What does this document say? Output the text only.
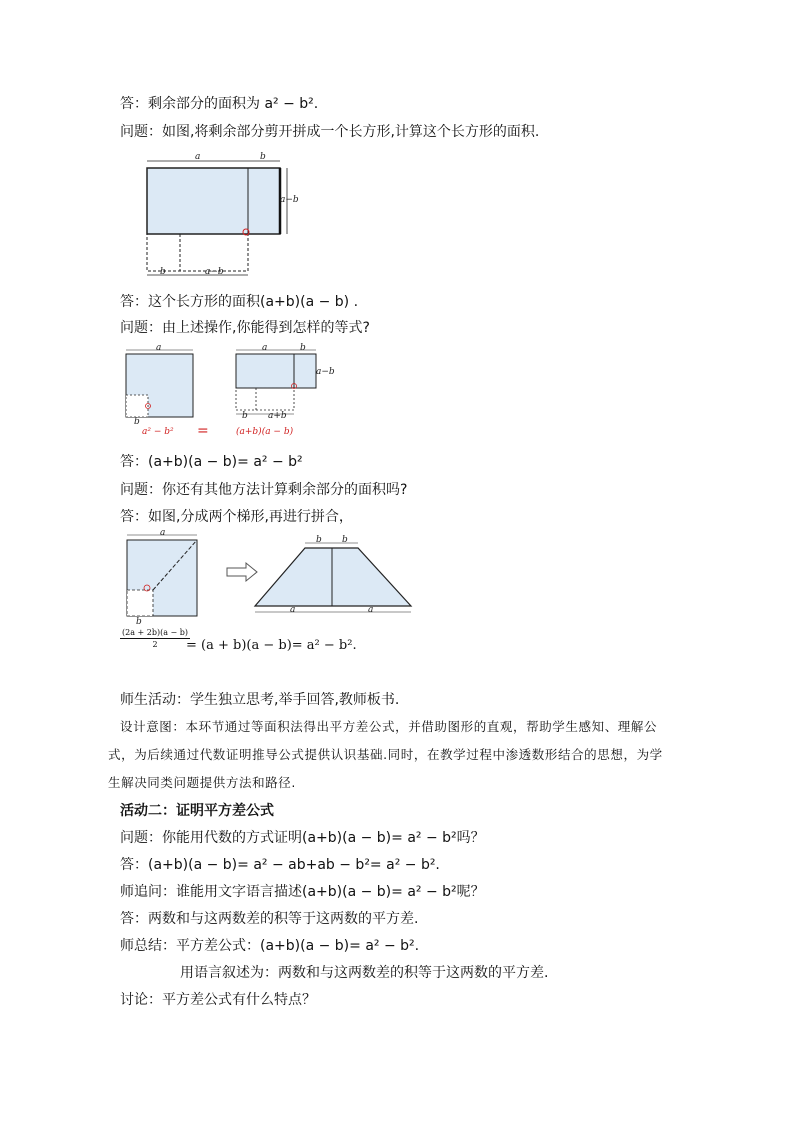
答：剩余部分的面积为 a² − b².
问题：如图,将剩余部分剪开拼成一个长方形,计算这个长方形的面积.
a	b
a−b
b	a−b
答：这个长方形的面积(a+b)(a − b) .
问题：由上述操作,你能得到怎样的等式?
a
b
a² − b² =
a	b
a−b
b a+b
(a+b)(a − b)
答：(a+b)(a − b)= a² − b²
问题：你还有其他方法计算剩余部分的面积吗?
答：如图,分成两个梯形,再进行拼合，
a
b
b b
a	a
$\frac{(2a + 2b)(a - b)}{2}$
= (a + b)(a − b)= a² − b².
师生活动：学生独立思考,举手回答,教师板书.
设计意图：本环节通过等面积法得出平方差公式，并借助图形的直观，帮助学生感知、理解公
式，为后续通过代数证明推导公式提供认识基础.同时，在教学过程中渗透数形结合的思想，为学
生解决同类问题提供方法和路径.
活动二：证明平方差公式
问题：你能用代数的方式证明(a+b)(a − b)= a² − b²吗？
答：(a+b)(a − b)= a² − ab+ab − b²= a² − b².
师追问：谁能用文字语言描述(a+b)(a − b)= a² − b²呢？
答：两数和与这两数差的积等于这两数的平方差.
师总结：平方差公式：(a+b)(a − b)= a² − b².
用语言叙述为：两数和与这两数差的积等于这两数的平方差.
讨论：平方差公式有什么特点？
